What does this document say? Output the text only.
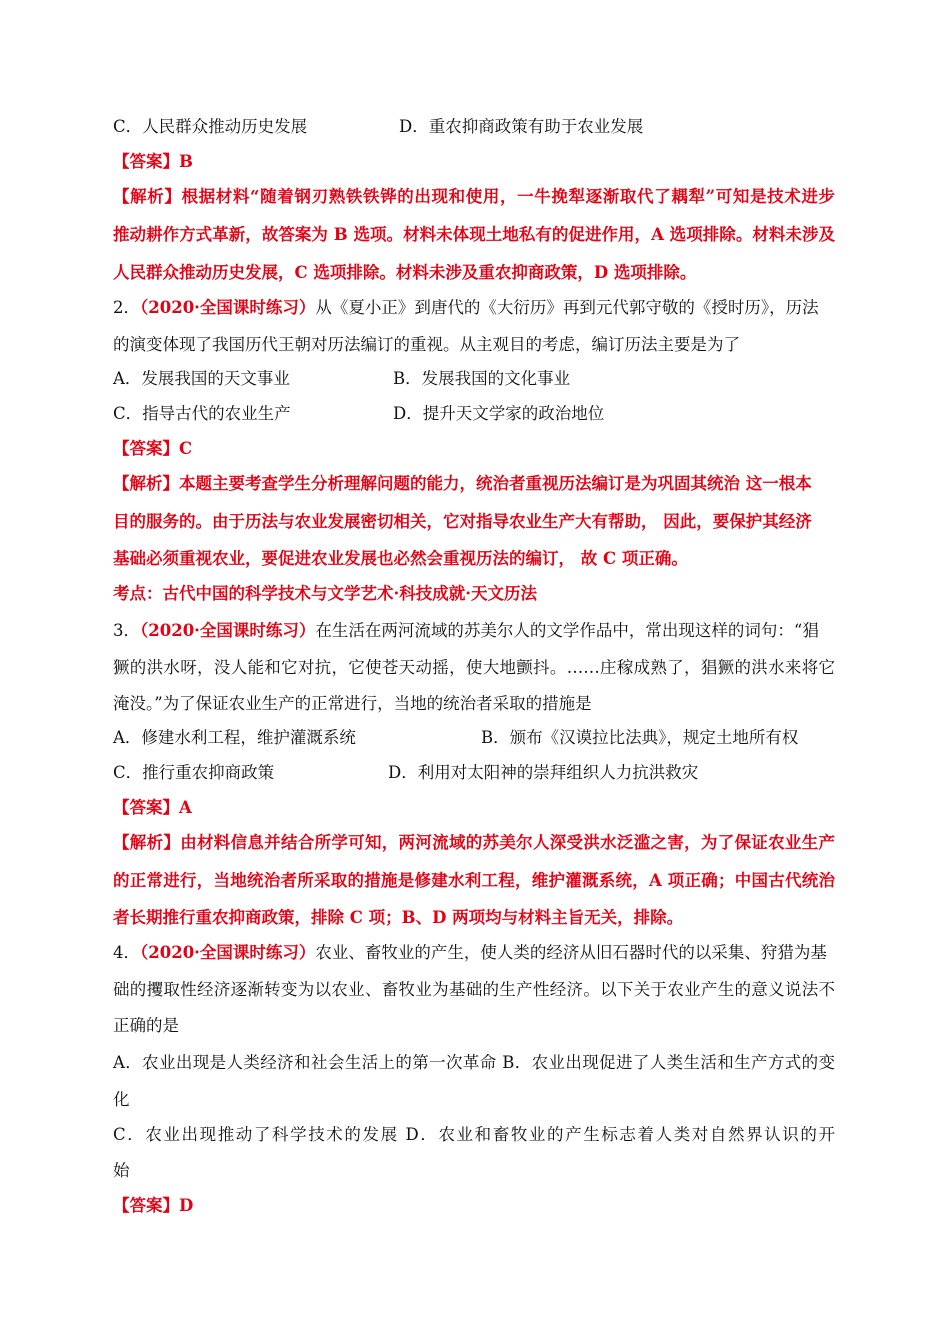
C．人民群众推动历史发展	D．重农抑商政策有助于农业发展
【答案】B
【解析】根据材料“随着钢刃熟铁铁铧的出现和使用，一牛挽犁逐渐取代了耦犁”可知是技术进步
推动耕作方式革新，故答案为 B 选项。材料未体现土地私有的促进作用，A 选项排除。材料未涉及
人民群众推动历史发展，C 选项排除。材料未涉及重农抑商政策，D 选项排除。
2．（2020·全国课时练习）从《夏小正》到唐代的《大衍历》再到元代郭守敬的《授时历》，历法
的演变体现了我国历代王朝对历法编订的重视。从主观目的考虑，编订历法主要是为了
A．发展我国的天文事业	B．发展我国的文化事业
C．指导古代的农业生产	D．提升天文学家的政治地位
【答案】C
【解析】本题主要考查学生分析理解问题的能力，统治者重视历法编订是为巩固其统治 这一根本
目的服务的。由于历法与农业发展密切相关，它对指导农业生产大有帮助， 因此，要保护其经济
基础必须重视农业，要促进农业发展也必然会重视历法的编订， 故 C 项正确。
考点：古代中国的科学技术与文学艺术·科技成就·天文历法
3．（2020·全国课时练习）在生活在两河流域的苏美尔人的文学作品中，常出现这样的词句：“猖
獗的洪水呀，没人能和它对抗，它使苍天动摇，使大地颤抖。……庄稼成熟了，猖獗的洪水来将它
淹没。”为了保证农业生产的正常进行，当地的统治者采取的措施是
A．修建水利工程，维护灌溉系统	B．颁布《汉谟拉比法典》，规定土地所有权
C．推行重农抑商政策	D．利用对太阳神的崇拜组织人力抗洪救灾
【答案】A
【解析】由材料信息并结合所学可知，两河流域的苏美尔人深受洪水泛滥之害，为了保证农业生产
的正常进行，当地统治者所采取的措施是修建水利工程，维护灌溉系统，A 项正确；中国古代统治
者长期推行重农抑商政策，排除 C 项；B、D 两项均与材料主旨无关，排除。
4．（2020·全国课时练习）农业、畜牧业的产生，使人类的经济从旧石器时代的以采集、狩猎为基
础的攫取性经济逐渐转变为以农业、畜牧业为基础的生产性经济。以下关于农业产生的意义说法不
正确的是
A．农业出现是人类经济和社会生活上的第一次革命 B．农业出现促进了人类生活和生产方式的变
化
C．农业出现推动了科学技术的发展 D．农业和畜牧业的产生标志着人类对自然界认识的开
始
【答案】D
